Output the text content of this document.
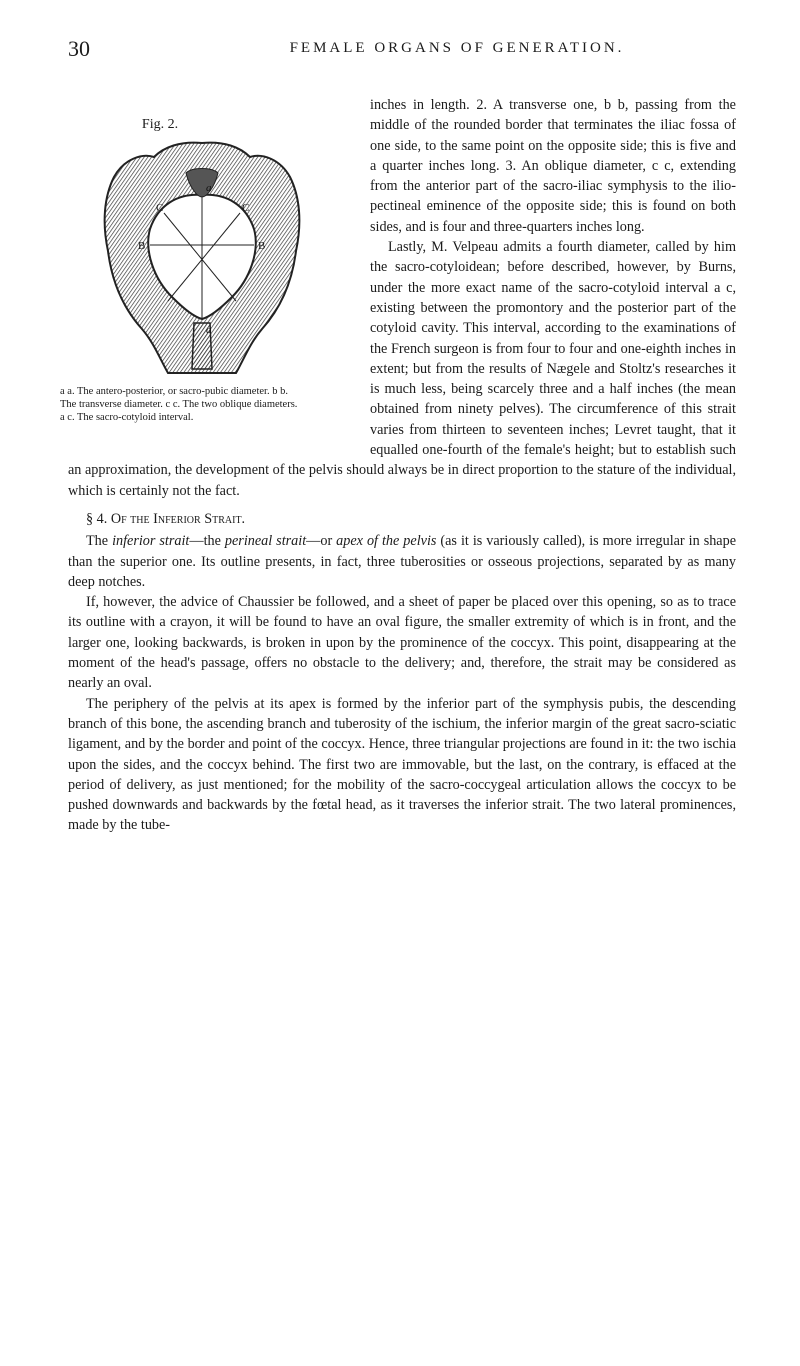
30	FEMALE ORGANS OF GENERATION.
Fig. 2.
a
B	B
C	C
a
a a. The antero-posterior, or sacro-pubic diameter. b b.
The transverse diameter. c c. The two oblique diameters.
a c. The sacro-cotyloid interval.

inches in length. 2. A transverse one, b b, passing from the middle of the rounded border that terminates the iliac fossa of one side, to the same point on the opposite side; this is five and a quarter inches long. 3. An oblique diameter, c c, extending from the anterior part of the sacro-iliac symphysis to the ilio-pectineal eminence of the opposite side; this is found on both sides, and is four and three-quarters inches long.

Lastly, M. Velpeau admits a fourth diameter, called by him the sacro-cotyloidean; before described, however, by Burns, under the more exact name of the sacro-cotyloid interval a c, existing between the promontory and the posterior part of the cotyloid cavity. This interval, according to the examinations of the French surgeon is from four to four and one-eighth inches in extent; but from the results of Nægele and Stoltz's researches it is much less, being scarcely three and a half inches (the mean obtained from ninety pelves). The circumference of this strait varies from thirteen to seventeen inches; Levret taught, that it equalled one-fourth of the female's height; but to establish such an approximation, the development of the pelvis should always be in direct proportion to the stature of the individual, which is certainly not the fact.

§ 4. Of the Inferior Strait.

The inferior strait—the perineal strait—or apex of the pelvis (as it is variously called), is more irregular in shape than the superior one. Its outline presents, in fact, three tuberosities or osseous projections, separated by as many deep notches.

If, however, the advice of Chaussier be followed, and a sheet of paper be placed over this opening, so as to trace its outline with a crayon, it will be found to have an oval figure, the smaller extremity of which is in front, and the larger one, looking backwards, is broken in upon by the prominence of the coccyx. This point, disappearing at the moment of the head's passage, offers no obstacle to the delivery; and, therefore, the strait may be considered as nearly an oval.

The periphery of the pelvis at its apex is formed by the inferior part of the symphysis pubis, the descending branch of this bone, the ascending branch and tuberosity of the ischium, the inferior margin of the great sacro-sciatic ligament, and by the border and point of the coccyx. Hence, three triangular projections are found in it: the two ischia upon the sides, and the coccyx behind. The first two are immovable, but the last, on the contrary, is effaced at the period of delivery, as just mentioned; for the mobility of the sacro-coccygeal articulation allows the coccyx to be pushed downwards and backwards by the fœtal head, as it traverses the inferior strait. The two lateral prominences, made by the tube-
